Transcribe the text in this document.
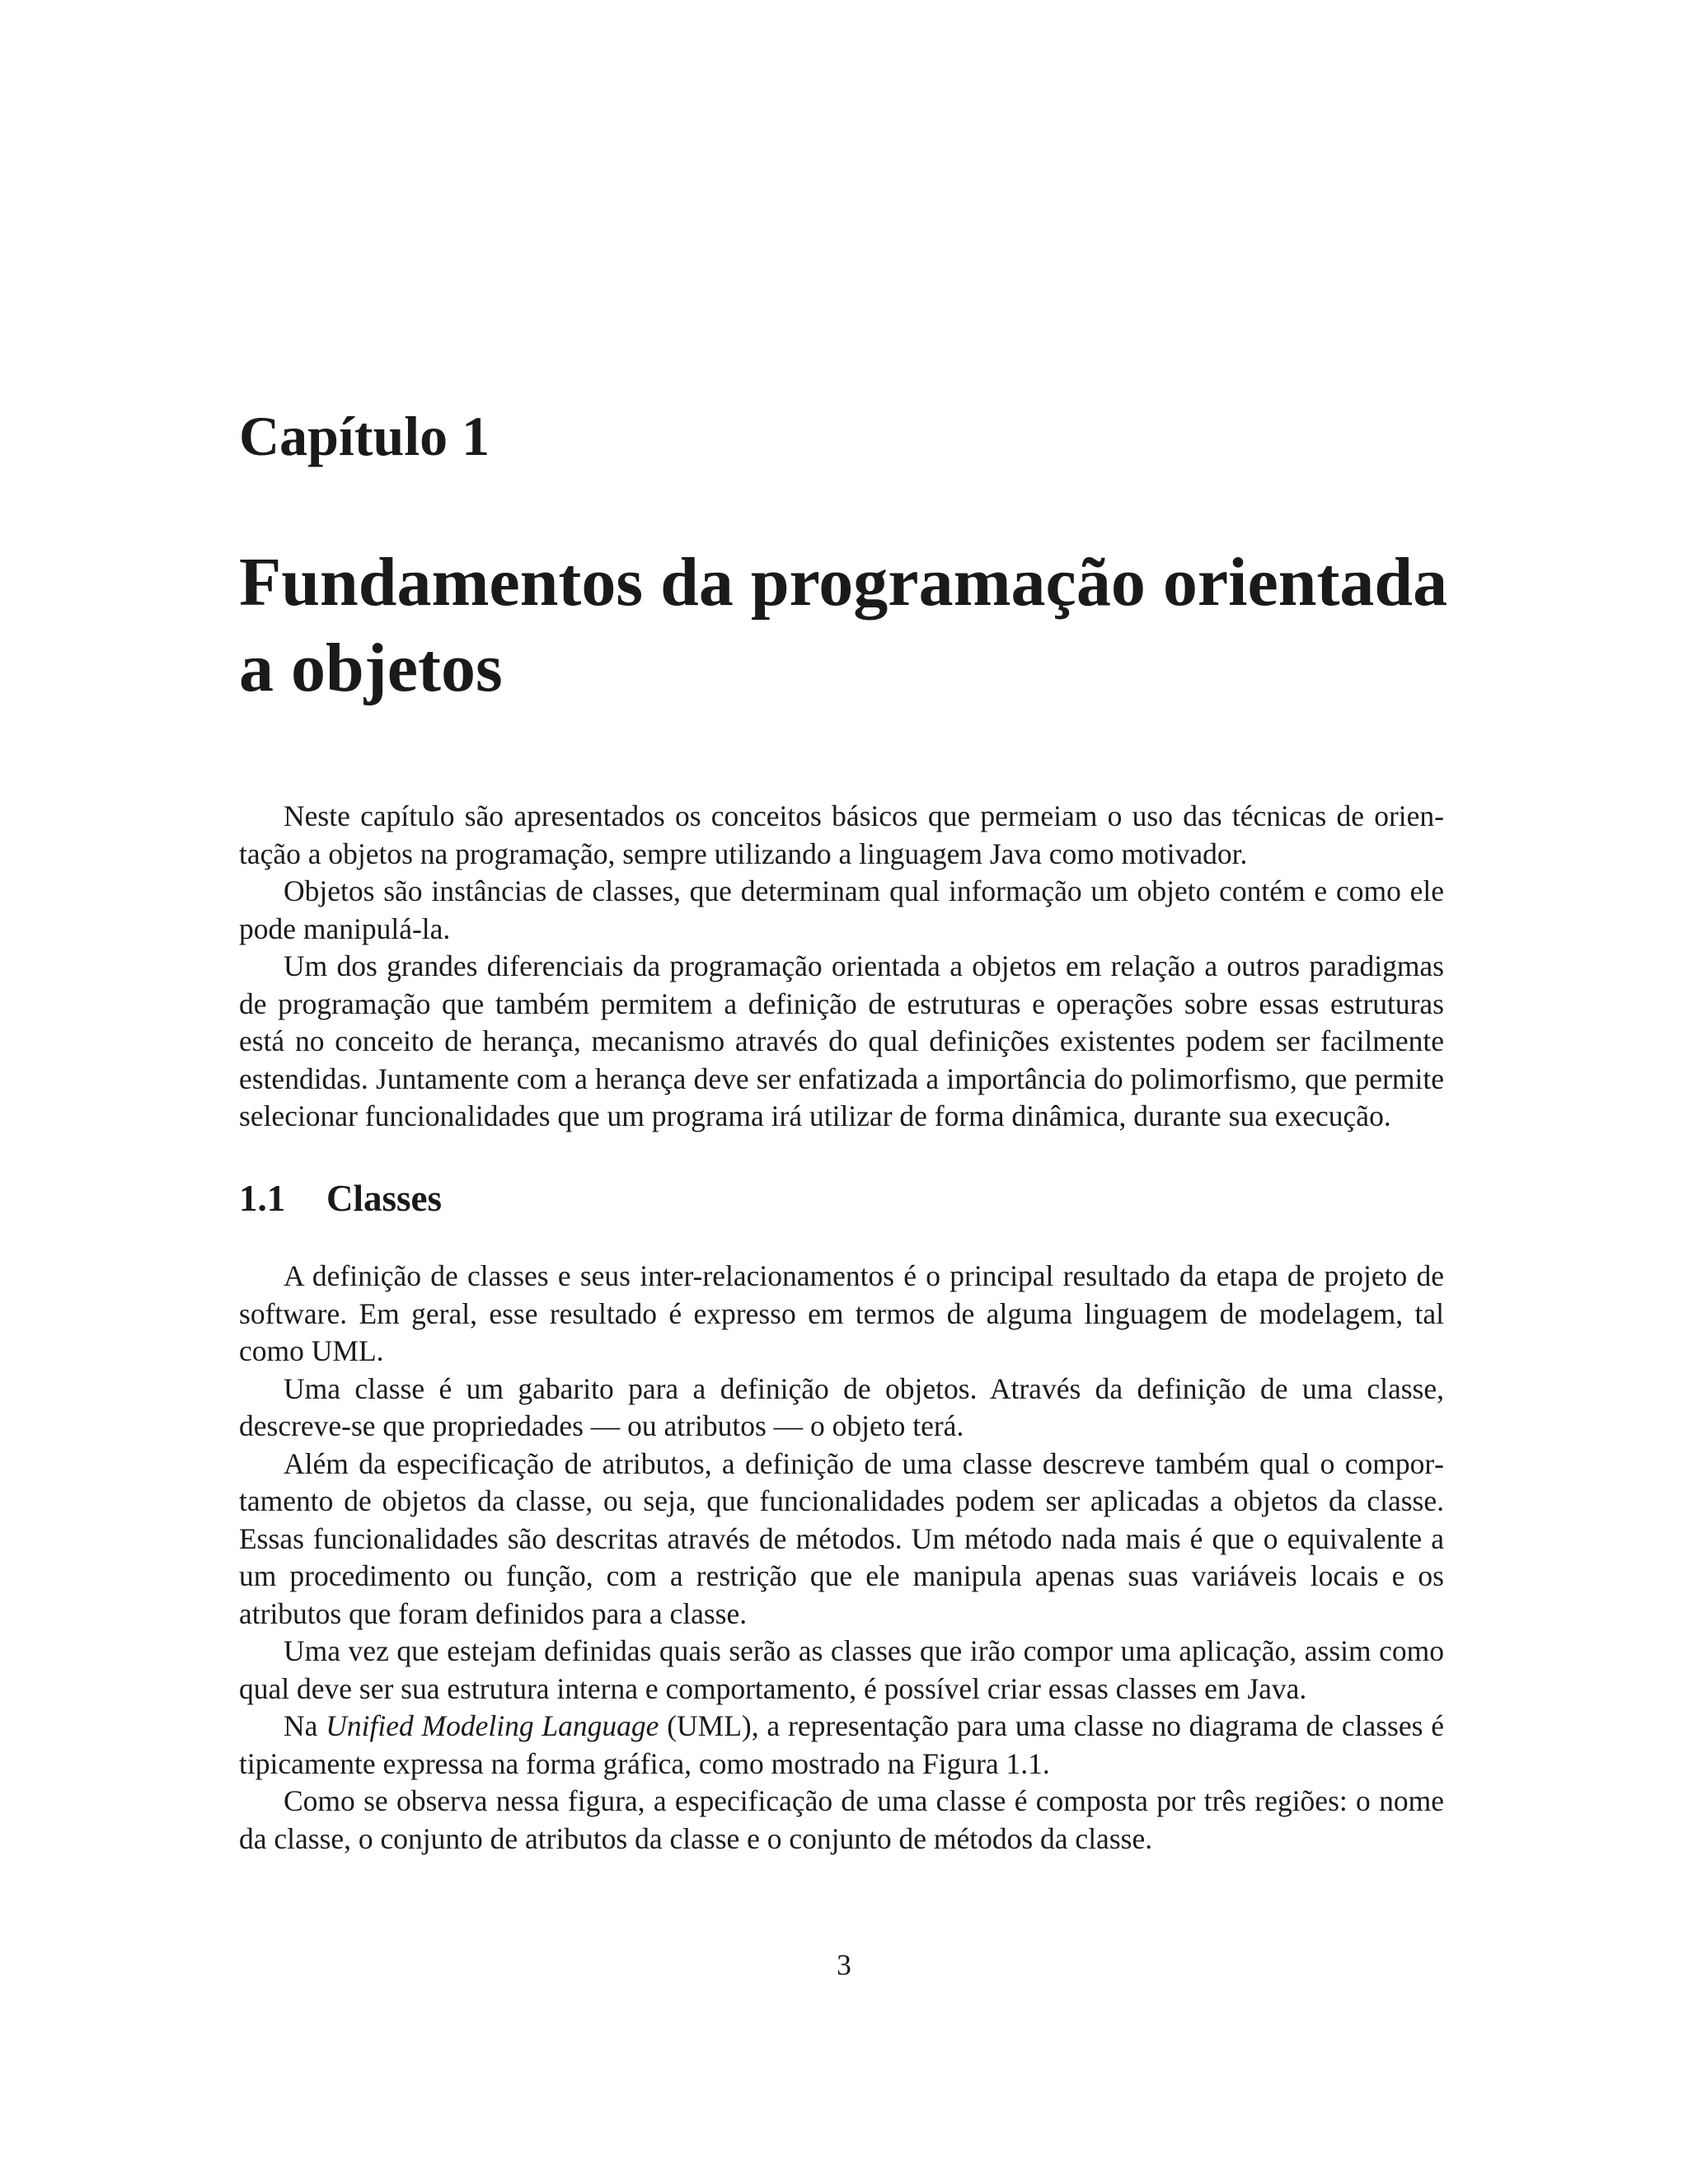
Capítulo 1
Fundamentos da programação orientada a objetos

Neste capítulo são apresentados os conceitos básicos que permeiam o uso das técnicas de orientação a objetos na programação, sempre utilizando a linguagem Java como motivador.

Objetos são instâncias de classes, que determinam qual informação um objeto contém e como ele pode manipulá-la.

Um dos grandes diferenciais da programação orientada a objetos em relação a outros paradigmas de programação que também permitem a definição de estruturas e operações sobre essas estruturas está no conceito de herança, mecanismo através do qual definições existentes podem ser facilmente estendidas. Juntamente com a herança deve ser enfatizada a importância do polimorfismo, que permite selecionar funcionalidades que um programa irá utilizar de forma dinâmica, durante sua execução.

1.1 Classes

A definição de classes e seus inter-relacionamentos é o principal resultado da etapa de projeto de software. Em geral, esse resultado é expresso em termos de alguma linguagem de modelagem, tal como UML.

Uma classe é um gabarito para a definição de objetos. Através da definição de uma classe, descreve-se que propriedades — ou atributos — o objeto terá.

Além da especificação de atributos, a definição de uma classe descreve também qual o comportamento de objetos da classe, ou seja, que funcionalidades podem ser aplicadas a objetos da classe. Essas funcionalidades são descritas através de métodos. Um método nada mais é que o equivalente a um procedimento ou função, com a restrição que ele manipula apenas suas variáveis locais e os atributos que foram definidos para a classe.

Uma vez que estejam definidas quais serão as classes que irão compor uma aplicação, assim como qual deve ser sua estrutura interna e comportamento, é possível criar essas classes em Java.

Na Unified Modeling Language (UML), a representação para uma classe no diagrama de classes é tipicamente expressa na forma gráfica, como mostrado na Figura 1.1.

Como se observa nessa figura, a especificação de uma classe é composta por três regiões: o nome da classe, o conjunto de atributos da classe e o conjunto de métodos da classe.

3
